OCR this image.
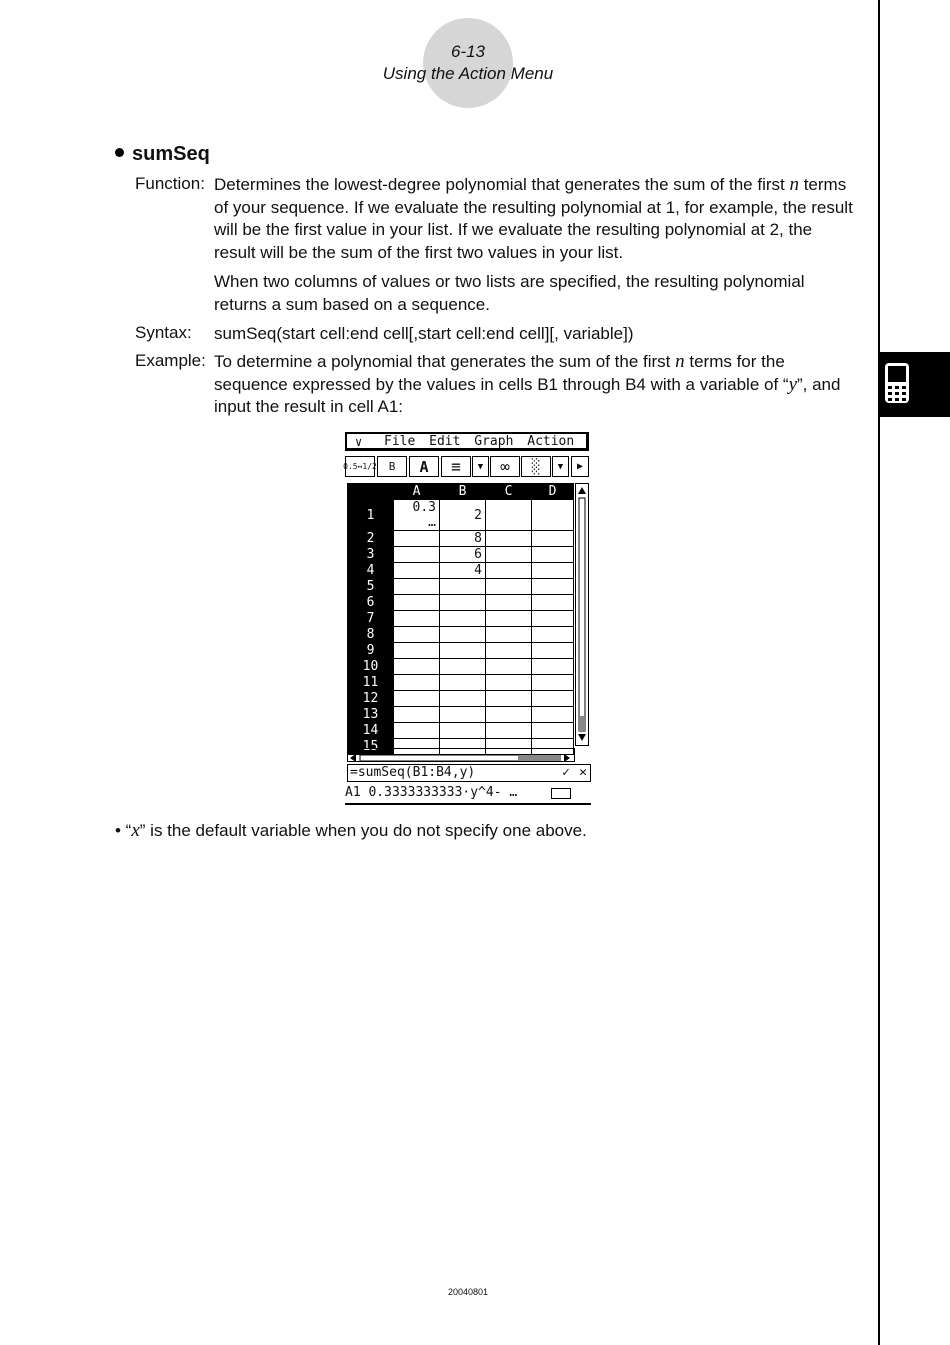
6-13
Using the Action Menu
sumSeq
Function: Determines the lowest-degree polynomial that generates the sum of the first n terms of your sequence. If we evaluate the resulting polynomial at 1, for example, the result will be the first value in your list. If we evaluate the resulting polynomial at 2, the result will be the sum of the first two values in your list.
When two columns of values or two lists are specified, the resulting polynomial returns a sum based on a sequence.
Syntax: sumSeq(start cell:end cell[,start cell:end cell][, variable])
Example: To determine a polynomial that generates the sum of the first n terms for the sequence expressed by the values in cells B1 through B4 with a variable of “y”, and input the result in cell A1:
∨ File Edit Graph Action
0.5↔1/2	B	A	≡	▼	∞	░	▼	▶
	A	B	C	D
1	0.3 …	2		
2		8		
3		6		
4		4		
5				
6				
7				
8				
9				
10				
11				
12				
13				
14				
15				
=sumSeq(B1:B4,y)	✓ ✕
A1 0.3333333333·y^4- …
• “x” is the default variable when you do not specify one above.
20040801
